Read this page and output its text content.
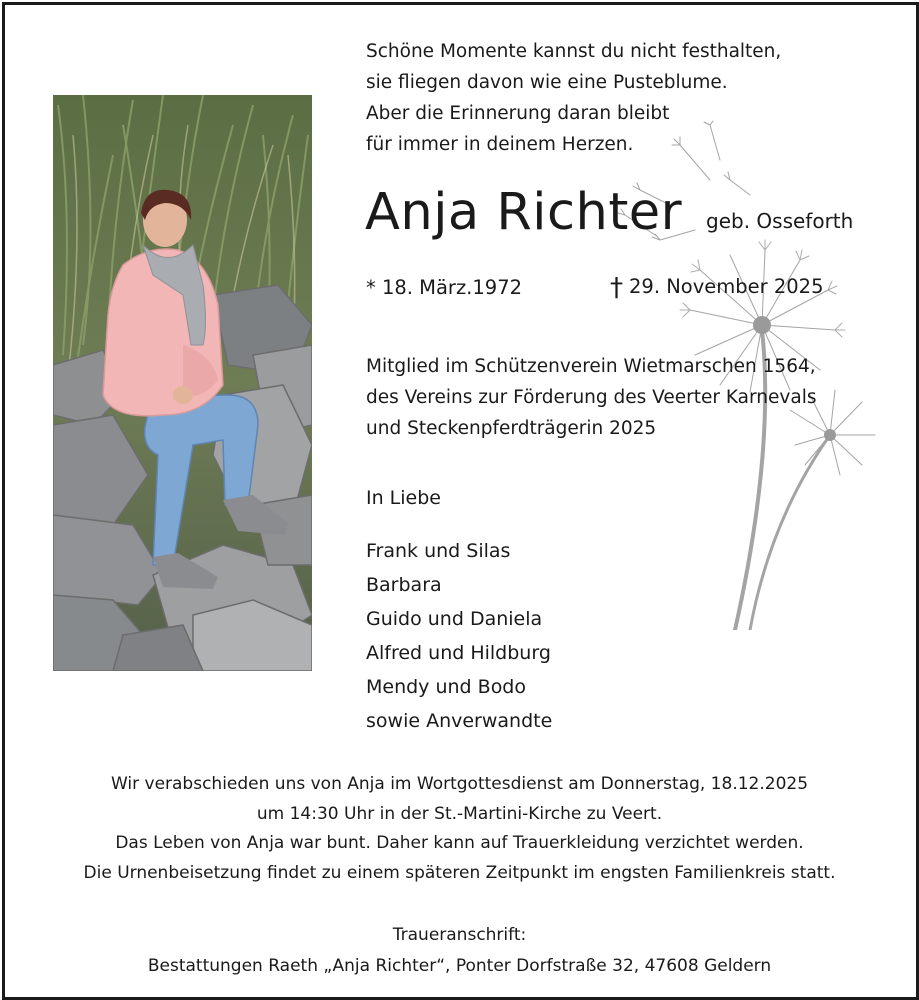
Schöne Momente kannst du nicht festhalten,
sie fliegen davon wie eine Pusteblume.
Aber die Erinnerung daran bleibt
für immer in deinem Herzen.
Anja Richter geb. Osseforth
* 18. März.1972	† 29. November 2025
Mitglied im Schützenverein Wietmarschen 1564,
des Vereins zur Förderung des Veerter Karnevals
und Steckenpferdträgerin 2025
In Liebe
Frank und Silas
Barbara
Guido und Daniela
Alfred und Hildburg
Mendy und Bodo
sowie Anverwandte
Wir verabschieden uns von Anja im Wortgottesdienst am Donnerstag, 18.12.2025
um 14:30 Uhr in der St.-Martini-Kirche zu Veert.
Das Leben von Anja war bunt. Daher kann auf Trauerkleidung verzichtet werden.
Die Urnenbeisetzung findet zu einem späteren Zeitpunkt im engsten Familienkreis statt.
Traueranschrift:
Bestattungen Raeth „Anja Richter“, Ponter Dorfstraße 32, 47608 Geldern
